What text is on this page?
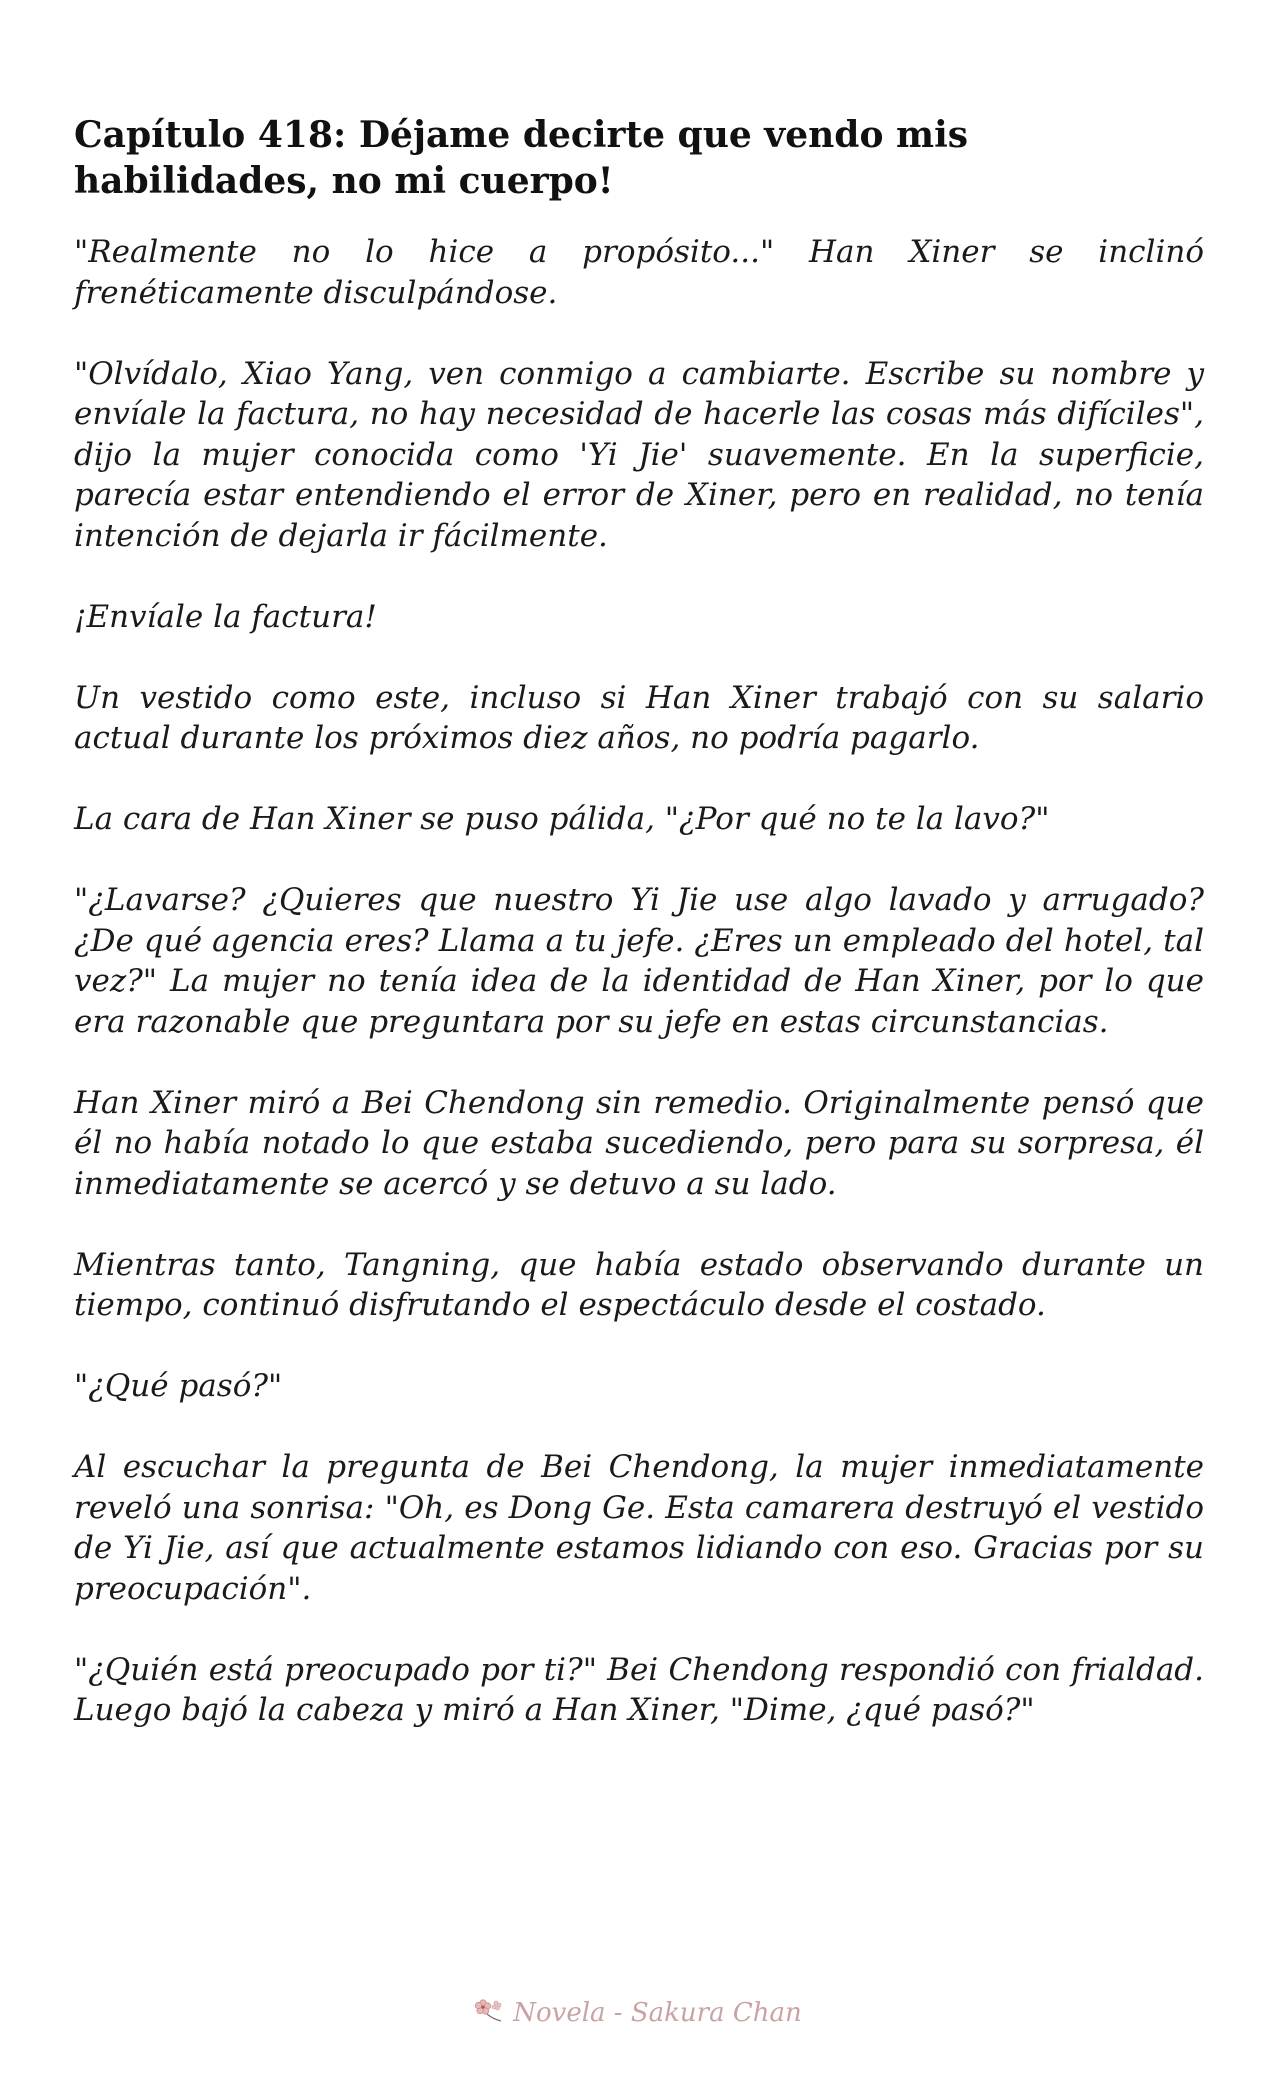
Capítulo 418: Déjame decirte que vendo mis habilidades, no mi cuerpo!

"Realmente no lo hice a propósito..." Han Xiner se inclinó frenéticamente disculpándose.

"Olvídalo, Xiao Yang, ven conmigo a cambiarte. Escribe su nombre y envíale la factura, no hay necesidad de hacerle las cosas más difíciles", dijo la mujer conocida como 'Yi Jie' suavemente. En la superficie, parecía estar entendiendo el error de Xiner, pero en realidad, no tenía intención de dejarla ir fácilmente.

¡Envíale la factura!

Un vestido como este, incluso si Han Xiner trabajó con su salario actual durante los próximos diez años, no podría pagarlo.

La cara de Han Xiner se puso pálida, "¿Por qué no te la lavo?"

"¿Lavarse? ¿Quieres que nuestro Yi Jie use algo lavado y arrugado? ¿De qué agencia eres? Llama a tu jefe. ¿Eres un empleado del hotel, tal vez?" La mujer no tenía idea de la identidad de Han Xiner, por lo que era razonable que preguntara por su jefe en estas circunstancias.

Han Xiner miró a Bei Chendong sin remedio. Originalmente pensó que él no había notado lo que estaba sucediendo, pero para su sorpresa, él inmediatamente se acercó y se detuvo a su lado.

Mientras tanto, Tangning, que había estado observando durante un tiempo, continuó disfrutando el espectáculo desde el costado.

"¿Qué pasó?"

Al escuchar la pregunta de Bei Chendong, la mujer inmediatamente reveló una sonrisa: "Oh, es Dong Ge. Esta camarera destruyó el vestido de Yi Jie, así que actualmente estamos lidiando con eso. Gracias por su preocupación".

"¿Quién está preocupado por ti?" Bei Chendong respondió con frialdad. Luego bajó la cabeza y miró a Han Xiner, "Dime, ¿qué pasó?"

Novela - Sakura Chan
